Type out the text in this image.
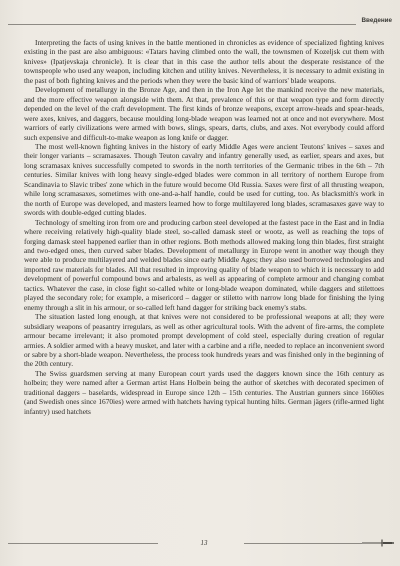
Введение

Interpreting the facts of using knives in the battle mentioned in chronicles as evidence of specialized fighting knives existing in the past are also ambiguous: «Tatars having climbed onto the wall, the townsmen of Kozeljsk cut them with knives» (Ipatjevskaja chronicle). It is clear that in this case the author tells about the desperate resistance of the townspeople who used any weapon, including kitchen and utility knives. Nevertheless, it is necessary to admit existing in the past of both fighting knives and the periods when they were the basic kind of warriors' blade weapons.

Development of metallurgy in the Bronze Age, and then in the Iron Age let the mankind receive the new materials, and the more effective weapon alongside with them. At that, prevalence of this or that weapon type and form directly depended on the level of the craft development. The first kinds of bronze weapons, except arrow-heads and spear-heads, were axes, knives, and daggers, because moulding long-blade weapon was learned not at once and not everywhere. Most warriors of early civilizations were armed with bows, slings, spears, darts, clubs, and axes. Not everybody could afford such expensive and difficult-to-make weapon as long knife or dagger.

The most well-known fighting knives in the history of early Middle Ages were ancient Teutons' knives – saxes and their longer variants – scramasaxes. Though Teuton cavalry and infantry generally used, as earlier, spears and axes, but long scramasax knives successfully competed to swords in the north territories of the Germanic tribes in the 6th – 7th centuries. Similar knives with long heavy single-edged blades were common in all territory of northern Europe from Scandinavia to Slavic tribes' zone which in the future would become Old Russia. Saxes were first of all thrusting weapon, while long scramasaxes, sometimes with one-and-a-half handle, could be used for cutting, too. As blacksmith's work in the north of Europe was developed, and masters learned how to forge multilayered long blades, scramasaxes gave way to swords with double-edged cutting blades.

Technology of smelting iron from ore and producing carbon steel developed at the fastest pace in the East and in India where receiving relatively high-quality blade steel, so-called damask steel or wootz, as well as reaching the tops of forging damask steel happened earlier than in other regions. Both methods allowed making long thin blades, first straight and two-edged ones, then curved saber blades. Development of metallurgy in Europe went in another way though they were able to produce multilayered and welded blades since early Middle Ages; they also used borrowed technologies and imported raw materials for blades. All that resulted in improving quality of blade weapon to which it is necessary to add development of powerful compound bows and arbalests, as well as appearing of complete armour and changing combat tactics. Whatever the case, in close fight so-called white or long-blade weapon dominated, while daggers and stilettoes played the secondary role; for example, a misericord – dagger or stiletto with narrow long blade for finishing the lying enemy through a slit in his armour, or so-called left hand dagger for striking back enemy's stabs.

The situation lasted long enough, at that knives were not considered to be professional weapons at all; they were subsidiary weapons of peasantry irregulars, as well as other agricultural tools. With the advent of fire-arms, the complete armour became irrelevant; it also promoted prompt development of cold steel, especially during creation of regular armies. A soldier armed with a heavy musket, and later with a carbine and a rifle, needed to replace an inconvenient sword or sabre by a short-blade weapon. Nevertheless, the process took hundreds years and was finished only in the beginning of the 20th century.

The Swiss guardsmen serving at many European court yards used the daggers known since the 16th century as holbein; they were named after a German artist Hans Holbein being the author of sketches with decorated specimen of traditional daggers – baselards, widespread in Europe since 12th – 15th centuries. The Austrian gunners since 1660ies (and Swedish ones since 1670ies) were armed with hatchets having typical hunting hilts. German jägers (rifle-armed light infantry) used hatchets

13
